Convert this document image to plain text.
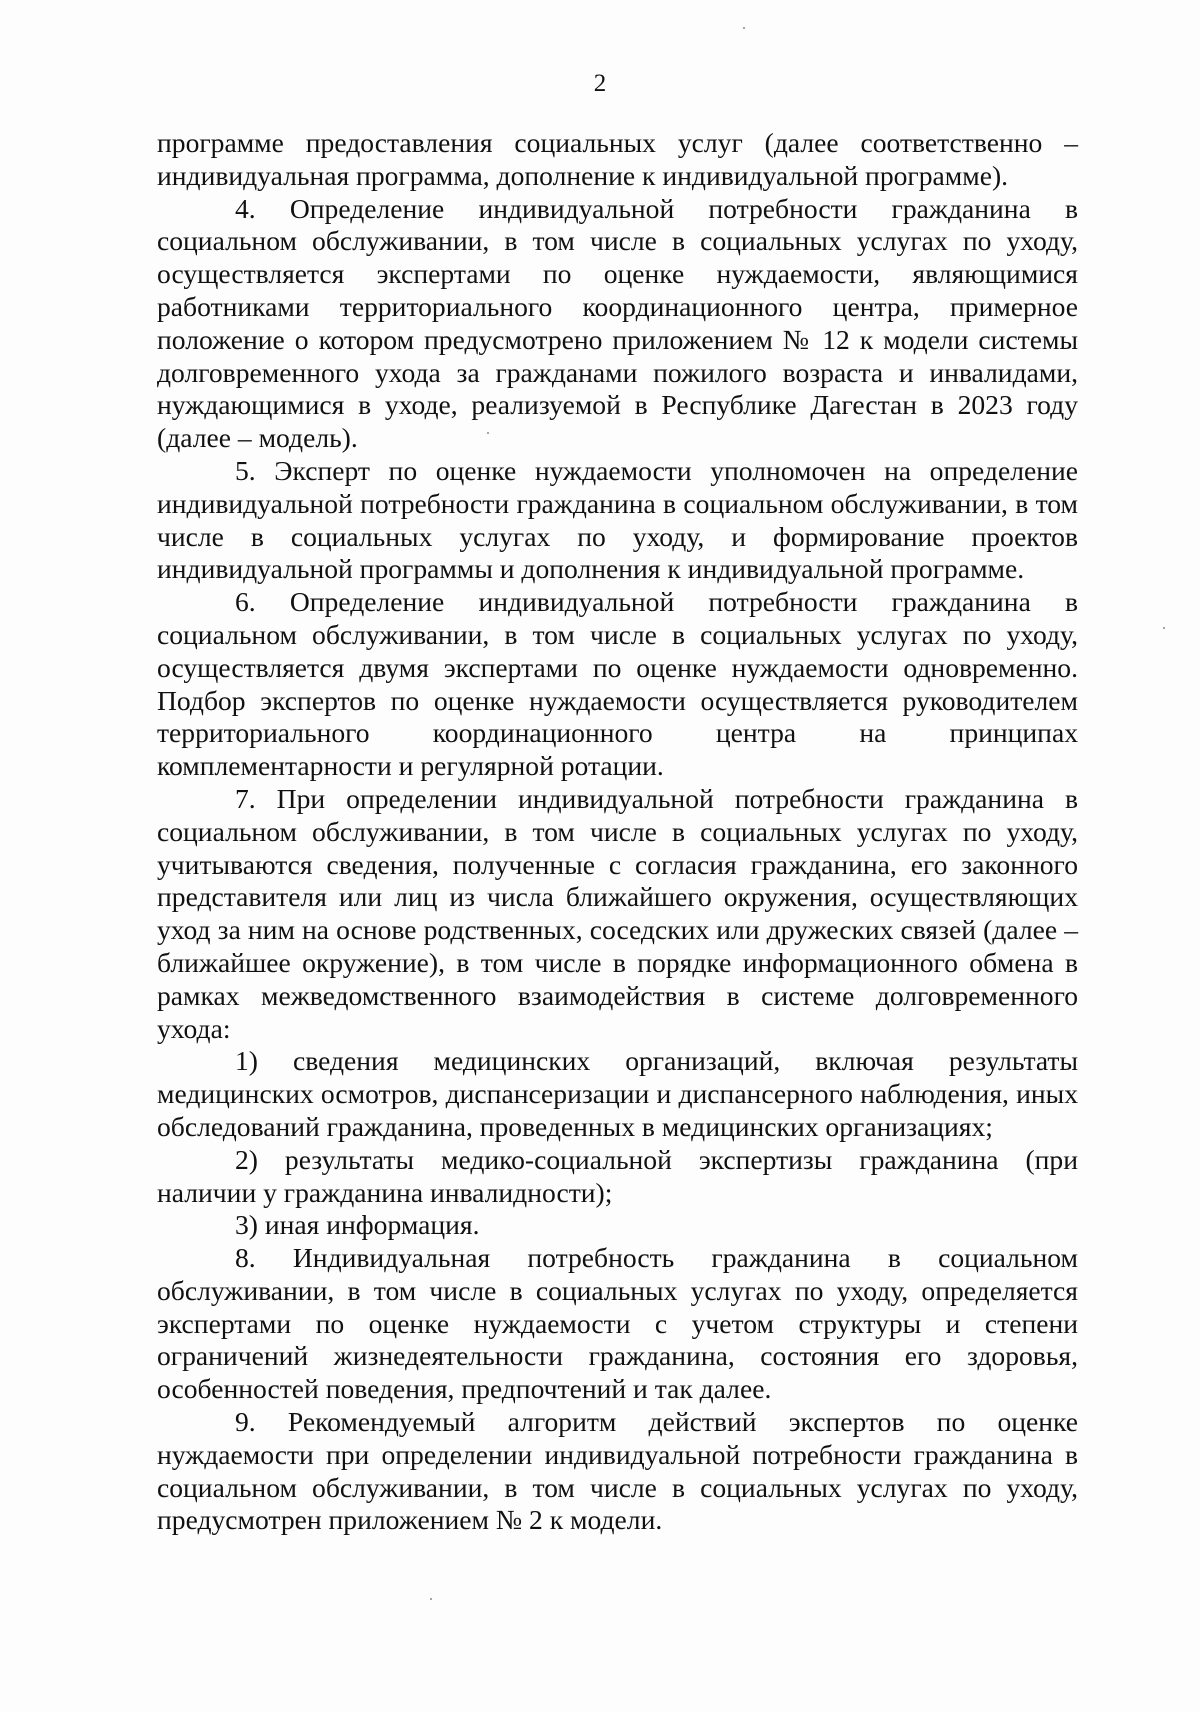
2

программе предоставления социальных услуг (далее соответственно – индивидуальная программа, дополнение к индивидуальной программе).

4. Определение индивидуальной потребности гражданина в социальном обслуживании, в том числе в социальных услугах по уходу, осуществляется экспертами по оценке нуждаемости, являющимися работниками территориального координационного центра, примерное положение о котором предусмотрено приложением № 12 к модели системы долговременного ухода за гражданами пожилого возраста и инвалидами, нуждающимися в уходе, реализуемой в Республике Дагестан в 2023 году (далее – модель).

5. Эксперт по оценке нуждаемости уполномочен на определение индивидуальной потребности гражданина в социальном обслуживании, в том числе в социальных услугах по уходу, и формирование проектов индивидуальной программы и дополнения к индивидуальной программе.

6. Определение индивидуальной потребности гражданина в социальном обслуживании, в том числе в социальных услугах по уходу, осуществляется двумя экспертами по оценке нуждаемости одновременно. Подбор экспертов по оценке нуждаемости осуществляется руководителем территориального координационного центра на принципах комплементарности и регулярной ротации.

7. При определении индивидуальной потребности гражданина в социальном обслуживании, в том числе в социальных услугах по уходу, учитываются сведения, полученные с согласия гражданина, его законного представителя или лиц из числа ближайшего окружения, осуществляющих уход за ним на основе родственных, соседских или дружеских связей (далее – ближайшее окружение), в том числе в порядке информационного обмена в рамках межведомственного взаимодействия в системе долговременного ухода:

1) сведения медицинских организаций, включая результаты медицинских осмотров, диспансеризации и диспансерного наблюдения, иных обследований гражданина, проведенных в медицинских организациях;

2) результаты медико-социальной экспертизы гражданина (при наличии у гражданина инвалидности);

3) иная информация.

8. Индивидуальная потребность гражданина в социальном обслуживании, в том числе в социальных услугах по уходу, определяется экспертами по оценке нуждаемости с учетом структуры и степени ограничений жизнедеятельности гражданина, состояния его здоровья, особенностей поведения, предпочтений и так далее.

9. Рекомендуемый алгоритм действий экспертов по оценке нуждаемости при определении индивидуальной потребности гражданина в социальном обслуживании, в том числе в социальных услугах по уходу, предусмотрен приложением № 2 к модели.
